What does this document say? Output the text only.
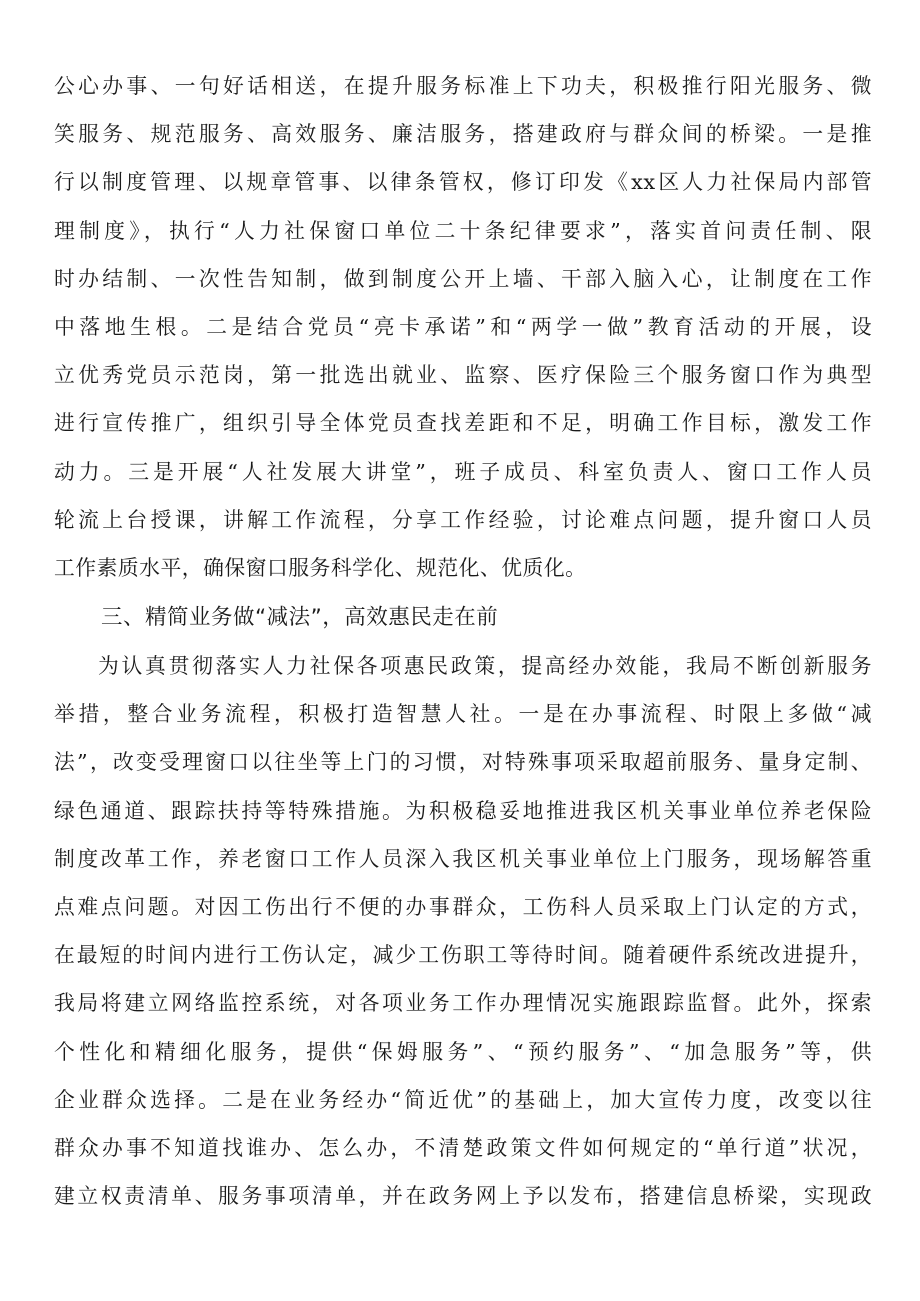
公心办事、一句好话相送，在提升服务标准上下功夫，积极推行阳光服务、微
笑服务、规范服务、高效服务、廉洁服务，搭建政府与群众间的桥梁。一是推
行以制度管理、以规章管事、以律条管权，修订印发《xx区人力社保局内部管
理制度》，执行“人力社保窗口单位二十条纪律要求”，落实首问责任制、限
时办结制、一次性告知制，做到制度公开上墙、干部入脑入心，让制度在工作
中落地生根。二是结合党员“亮卡承诺”和“两学一做”教育活动的开展，设
立优秀党员示范岗，第一批选出就业、监察、医疗保险三个服务窗口作为典型
进行宣传推广，组织引导全体党员查找差距和不足，明确工作目标，激发工作
动力。三是开展“人社发展大讲堂”，班子成员、科室负责人、窗口工作人员
轮流上台授课，讲解工作流程，分享工作经验，讨论难点问题，提升窗口人员
工作素质水平，确保窗口服务科学化、规范化、优质化。
三、精简业务做“减法”，高效惠民走在前
为认真贯彻落实人力社保各项惠民政策，提高经办效能，我局不断创新服务
举措，整合业务流程，积极打造智慧人社。一是在办事流程、时限上多做“减
法”，改变受理窗口以往坐等上门的习惯，对特殊事项采取超前服务、量身定制、
绿色通道、跟踪扶持等特殊措施。为积极稳妥地推进我区机关事业单位养老保险
制度改革工作，养老窗口工作人员深入我区机关事业单位上门服务，现场解答重
点难点问题。对因工伤出行不便的办事群众，工伤科人员采取上门认定的方式，
在最短的时间内进行工伤认定，减少工伤职工等待时间。随着硬件系统改进提升，
我局将建立网络监控系统，对各项业务工作办理情况实施跟踪监督。此外，探索
个性化和精细化服务，提供“保姆服务”、“预约服务”、“加急服务”等，供
企业群众选择。二是在业务经办“简近优”的基础上，加大宣传力度，改变以往
群众办事不知道找谁办、怎么办，不清楚政策文件如何规定的“单行道”状况，
建立权责清单、服务事项清单，并在政务网上予以发布，搭建信息桥梁，实现政
